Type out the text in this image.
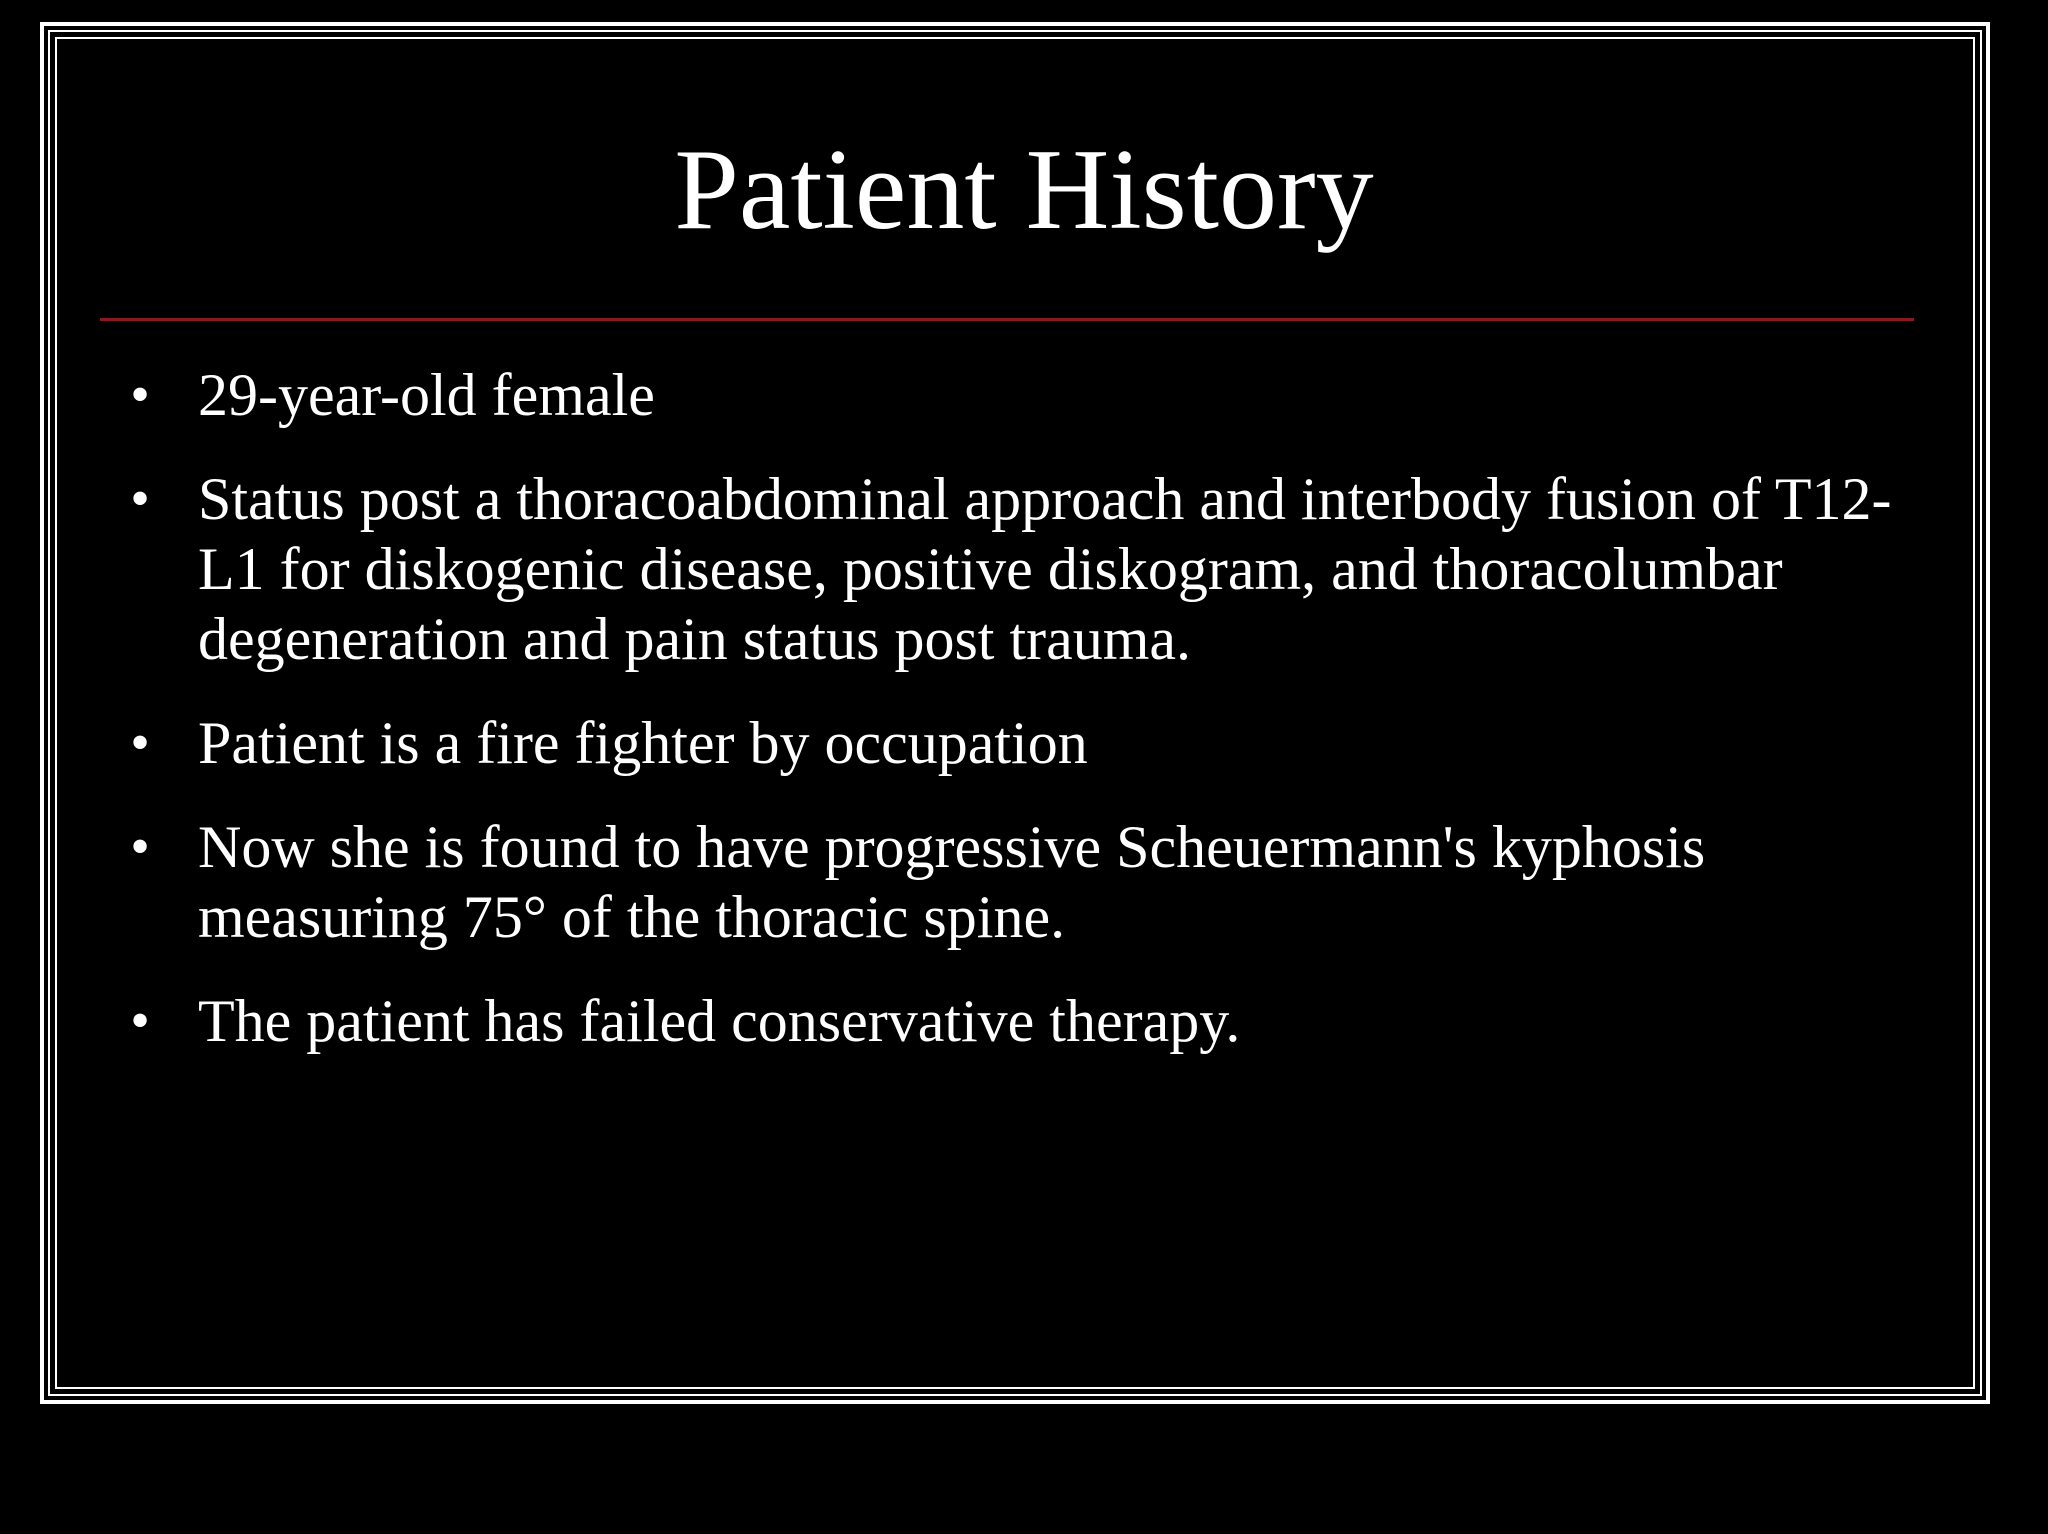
Patient History
• 29-year-old female
• Status post a thoracoabdominal approach and interbody fusion of T12-L1 for diskogenic disease, positive diskogram, and thoracolumbar degeneration and pain status post trauma.
• Patient is a fire fighter by occupation
• Now she is found to have progressive Scheuermann's kyphosis measuring 75° of the thoracic spine.
• The patient has failed conservative therapy.
